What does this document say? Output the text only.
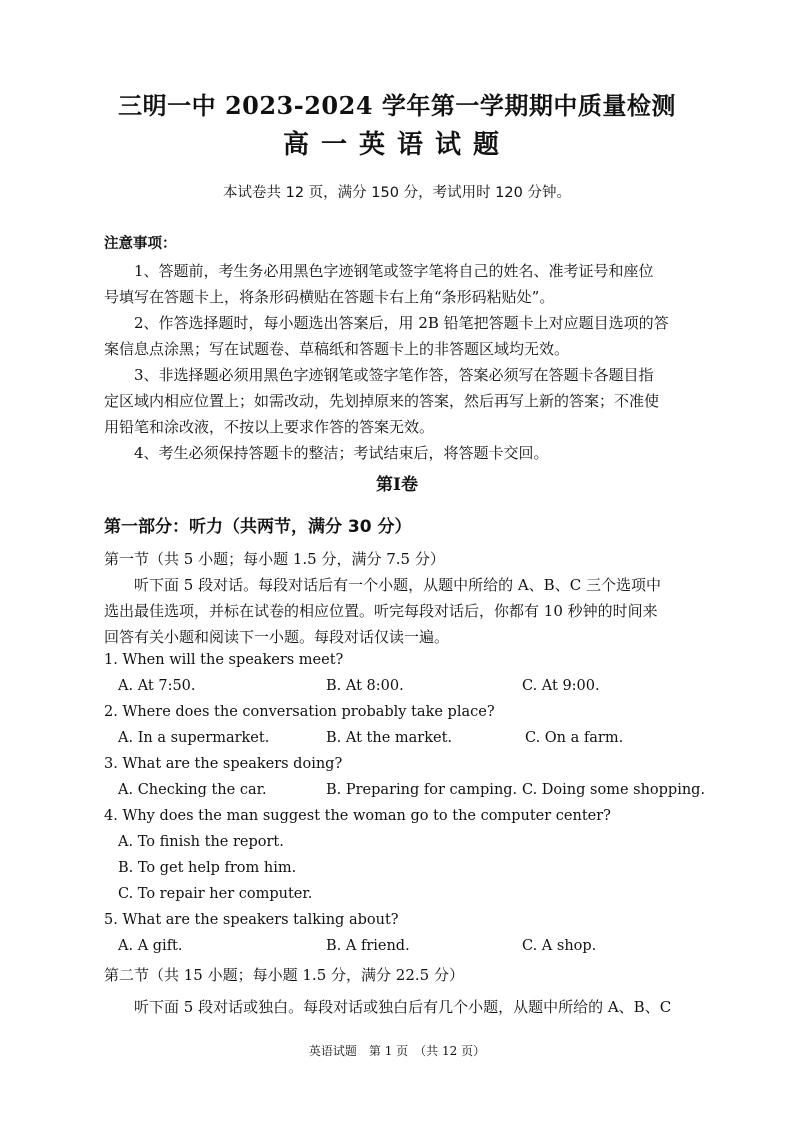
三明一中 2023-2024 学年第一学期期中质量检测
高一英语试题
本试卷共 12 页，满分 150 分，考试用时 120 分钟。
注意事项：
1、答题前，考生务必用黑色字迹钢笔或签字笔将自己的姓名、准考证号和座位
号填写在答题卡上，将条形码横贴在答题卡右上角“条形码粘贴处”。
2、作答选择题时，每小题选出答案后，用 2B 铅笔把答题卡上对应题目选项的答
案信息点涂黑；写在试题卷、草稿纸和答题卡上的非答题区域均无效。
3、非选择题必须用黑色字迹钢笔或签字笔作答，答案必须写在答题卡各题目指
定区域内相应位置上；如需改动，先划掉原来的答案，然后再写上新的答案；不准使
用铅笔和涂改液，不按以上要求作答的答案无效。
4、考生必须保持答题卡的整洁；考试结束后，将答题卡交回。
第Ⅰ卷
第一部分：听力（共两节，满分 30 分）
第一节（共 5 小题；每小题 1.5 分，满分 7.5 分）
听下面 5 段对话。每段对话后有一个小题，从题中所给的 A、B、C 三个选项中
选出最佳选项，并标在试卷的相应位置。听完每段对话后，你都有 10 秒钟的时间来
回答有关小题和阅读下一小题。每段对话仅读一遍。
1. When will the speakers meet?
A. At 7:50.	B. At 8:00.	C. At 9:00.
2. Where does the conversation probably take place?
A. In a supermarket.	B. At the market.	C. On a farm.
3. What are the speakers doing?
A. Checking the car.	B. Preparing for camping. C. Doing some shopping.
4. Why does the man suggest the woman go to the computer center?
A. To finish the report.
B. To get help from him.
C. To repair her computer.
5. What are the speakers talking about?
A. A gift.	B. A friend.	C. A shop.
第二节（共 15 小题；每小题 1.5 分，满分 22.5 分）
听下面 5 段对话或独白。每段对话或独白后有几个小题，从题中所给的 A、B、C
英语试题　第 1 页　（共 12 页）
